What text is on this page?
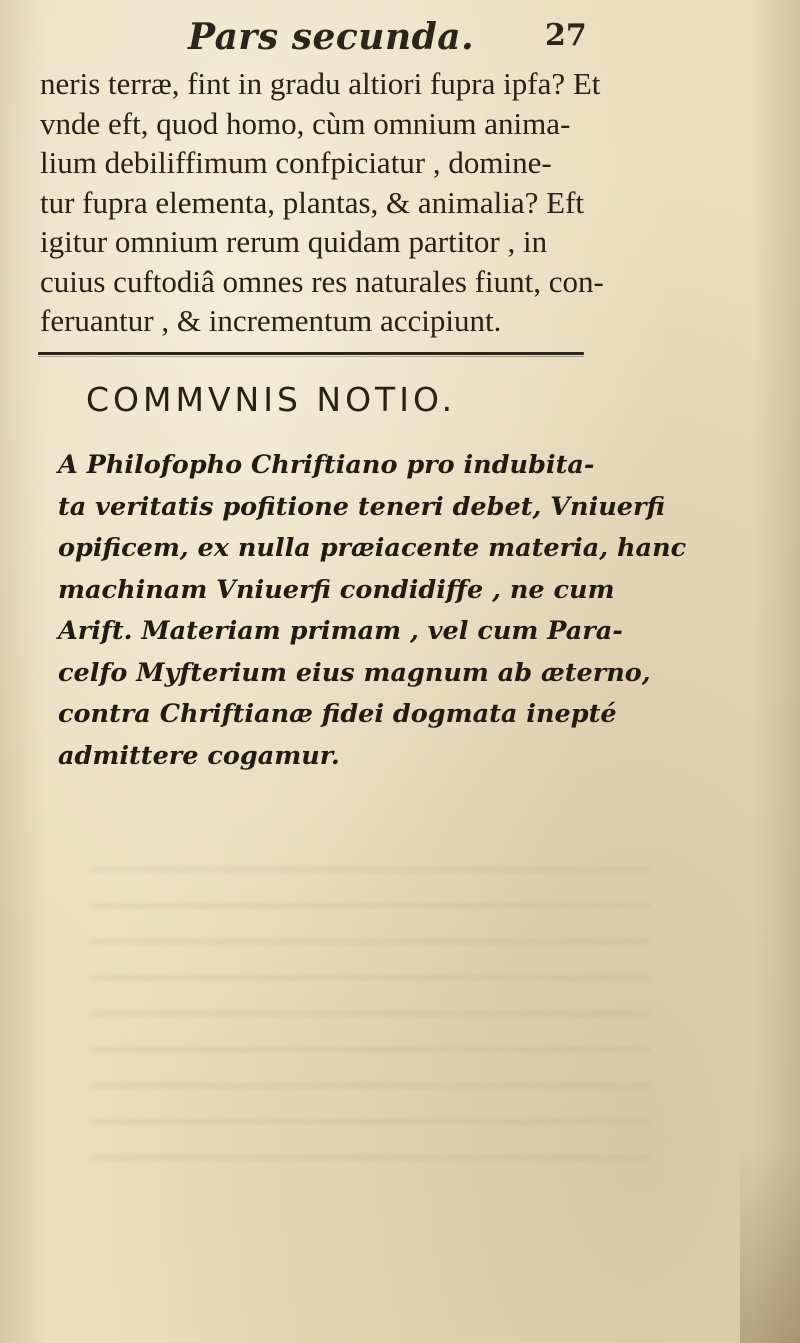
Pars secunda. 27
neris terræ, fint in gradu altiori fupra ipfa? Et
vnde eft, quod homo, cùm omnium anima-
lium debiliffimum confpiciatur , domine-
tur fupra elementa, plantas, & animalia? Eft
igitur omnium rerum quidam partitor , in
cuius cuftodiâ omnes res naturales fiunt, con-
feruantur , & incrementum accipiunt.
COMMVNIS NOTIO.
A Philofopho Chriftiano pro indubita-
ta veritatis pofitione teneri debet, Vniuerfi
opificem, ex nulla præiacente materia, hanc
machinam Vniuerfi condidiffe , ne cum
Arift. Materiam primam , vel cum Para-
celfo Myfterium eius magnum ab æterno,
contra Chriftianæ fidei dogmata inepté
admittere cogamur.
